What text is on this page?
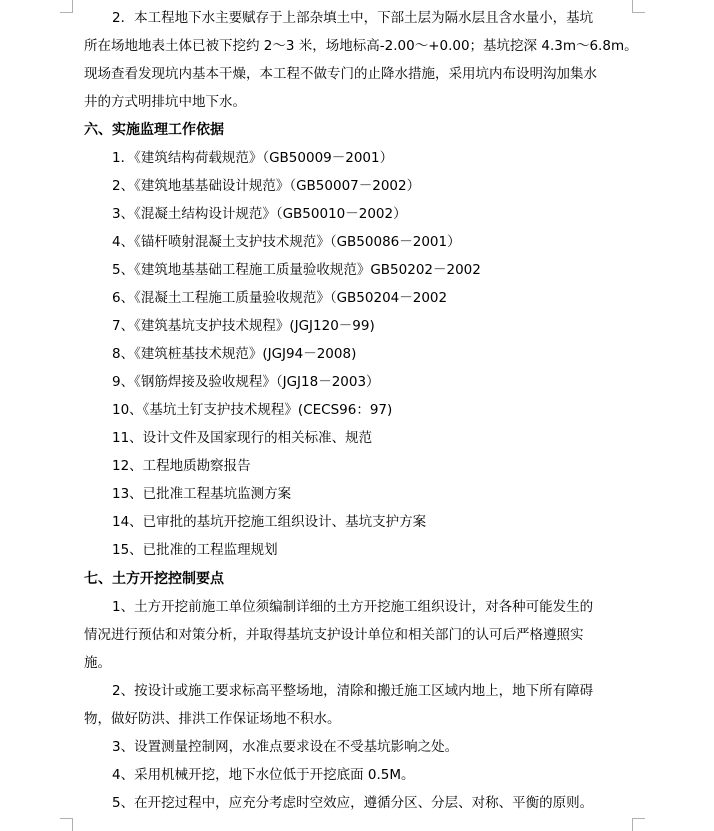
2．本工程地下水主要赋存于上部杂填土中，下部土层为隔水层且含水量小，基坑
所在场地地表土体已被下挖约 2～3 米，场地标高-2.00～+0.00；基坑挖深 4.3m～6.8m。
现场查看发现坑内基本干燥，本工程不做专门的止降水措施，采用坑内布设明沟加集水
井的方式明排坑中地下水。
六、实施监理工作依据
1．《建筑结构荷载规范》（GB50009－2001）
2、《建筑地基基础设计规范》（GB50007－2002）
3、《混凝土结构设计规范》（GB50010－2002）
4、《锚杆喷射混凝土支护技术规范》（GB50086－2001）
5、《建筑地基基础工程施工质量验收规范》GB50202－2002
6、《混凝土工程施工质量验收规范》（GB50204－2002
7、《建筑基坑支护技术规程》(JGJ120－99)
8、《建筑桩基技术规范》(JGJ94－2008)
9、《钢筋焊接及验收规程》（JGJ18－2003）
10、《基坑土钉支护技术规程》(CECS96：97)
11、设计文件及国家现行的相关标准、规范
12、工程地质勘察报告
13、已批准工程基坑监测方案
14、已审批的基坑开挖施工组织设计、基坑支护方案
15、已批准的工程监理规划
七、土方开挖控制要点
1、土方开挖前施工单位须编制详细的土方开挖施工组织设计，对各种可能发生的
情况进行预估和对策分析，并取得基坑支护设计单位和相关部门的认可后严格遵照实
施。
2、按设计或施工要求标高平整场地，清除和搬迁施工区域内地上，地下所有障碍
物，做好防洪、排洪工作保证场地不积水。
3、设置测量控制网，水准点要求设在不受基坑影响之处。
4、采用机械开挖，地下水位低于开挖底面 0.5M。
5、在开挖过程中，应充分考虑时空效应，遵循分区、分层、对称、平衡的原则。
